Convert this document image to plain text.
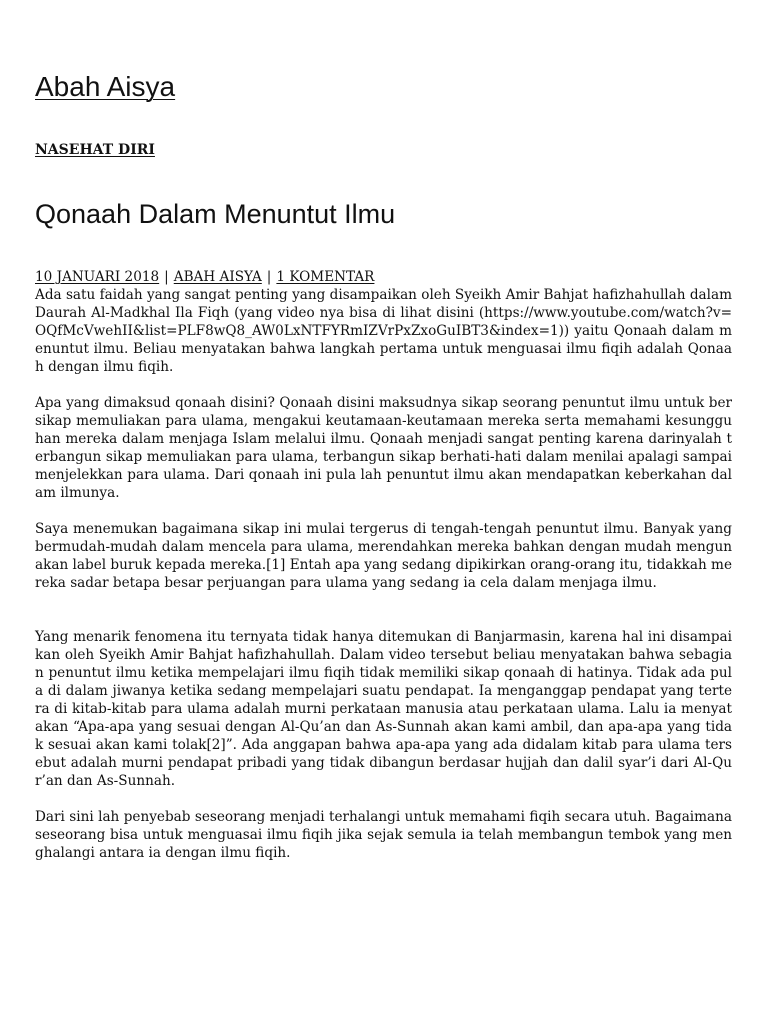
Abah Aisya
NASEHAT DIRI
Qonaah Dalam Menuntut Ilmu
10 JANUARI 2018 | ABAH AISYA | 1 KOMENTAR

Ada satu faidah yang sangat penting yang disampaikan oleh Syeikh Amir Bahjat hafizhahullah dalam Daurah Al-Madkhal Ila Fiqh (yang video nya bisa di lihat disini (https://www.youtube.com/watch?v=OQfMcVwehII&list=PLF8wQ8_AW0LxNTFYRmIZVrPxZxoGuIBT3&index=1)) yaitu Qonaah dalam menuntut ilmu. Beliau menyatakan bahwa langkah pertama untuk menguasai ilmu fiqih adalah Qonaah dengan ilmu fiqih.

Apa yang dimaksud qonaah disini? Qonaah disini maksudnya sikap seorang penuntut ilmu untuk bersikap memuliakan para ulama, mengakui keutamaan-keutamaan mereka serta memahami kesungguhan mereka dalam menjaga Islam melalui ilmu. Qonaah menjadi sangat penting karena darinyalah terbangun sikap memuliakan para ulama, terbangun sikap berhati-hati dalam menilai apalagi sampai menjelekkan para ulama. Dari qonaah ini pula lah penuntut ilmu akan mendapatkan keberkahan dalam ilmunya.

Saya menemukan bagaimana sikap ini mulai tergerus di tengah-tengah penuntut ilmu. Banyak yang bermudah-mudah dalam mencela para ulama, merendahkan mereka bahkan dengan mudah mengunakan label buruk kepada mereka.[1] Entah apa yang sedang dipikirkan orang-orang itu, tidakkah mereka sadar betapa besar perjuangan para ulama yang sedang ia cela dalam menjaga ilmu.

Yang menarik fenomena itu ternyata tidak hanya ditemukan di Banjarmasin, karena hal ini disampaikan oleh Syeikh Amir Bahjat hafizhahullah. Dalam video tersebut beliau menyatakan bahwa sebagian penuntut ilmu ketika mempelajari ilmu fiqih tidak memiliki sikap qonaah di hatinya. Tidak ada pula di dalam jiwanya ketika sedang mempelajari suatu pendapat. Ia menganggap pendapat yang tertera di kitab-kitab para ulama adalah murni perkataan manusia atau perkataan ulama. Lalu ia menyatakan “Apa-apa yang sesuai dengan Al-Qu’an dan As-Sunnah akan kami ambil, dan apa-apa yang tidak sesuai akan kami tolak[2]”. Ada anggapan bahwa apa-apa yang ada didalam kitab para ulama tersebut adalah murni pendapat pribadi yang tidak dibangun berdasar hujjah dan dalil syar’i dari Al-Qur’an dan As-Sunnah.

Dari sini lah penyebab seseorang menjadi terhalangi untuk memahami fiqih secara utuh. Bagaimana seseorang bisa untuk menguasai ilmu fiqih jika sejak semula ia telah membangun tembok yang menghalangi antara ia dengan ilmu fiqih.
